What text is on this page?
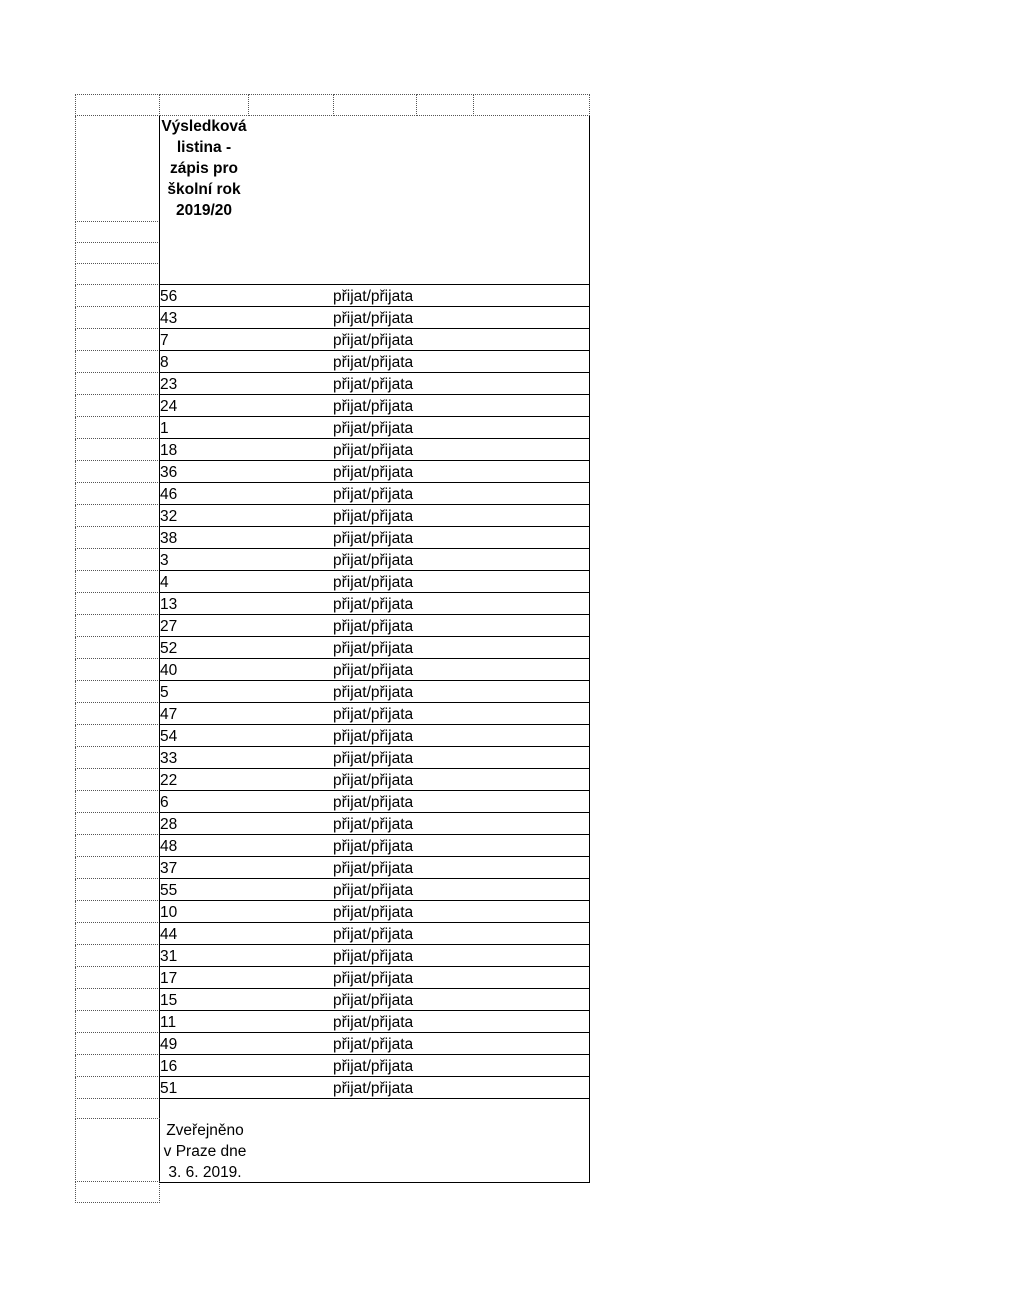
Výsledková
listina -
zápis pro
školní rok
2019/20
56	přijat/přijata
43	přijat/přijata
7	přijat/přijata
8	přijat/přijata
23	přijat/přijata
24	přijat/přijata
1	přijat/přijata
18	přijat/přijata
36	přijat/přijata
46	přijat/přijata
32	přijat/přijata
38	přijat/přijata
3	přijat/přijata
4	přijat/přijata
13	přijat/přijata
27	přijat/přijata
52	přijat/přijata
40	přijat/přijata
5	přijat/přijata
47	přijat/přijata
54	přijat/přijata
33	přijat/přijata
22	přijat/přijata
6	přijat/přijata
28	přijat/přijata
48	přijat/přijata
37	přijat/přijata
55	přijat/přijata
10	přijat/přijata
44	přijat/přijata
31	přijat/přijata
17	přijat/přijata
15	přijat/přijata
11	přijat/přijata
49	přijat/přijata
16	přijat/přijata
51	přijat/přijata
Zveřejněno
v Praze dne
3. 6. 2019.
